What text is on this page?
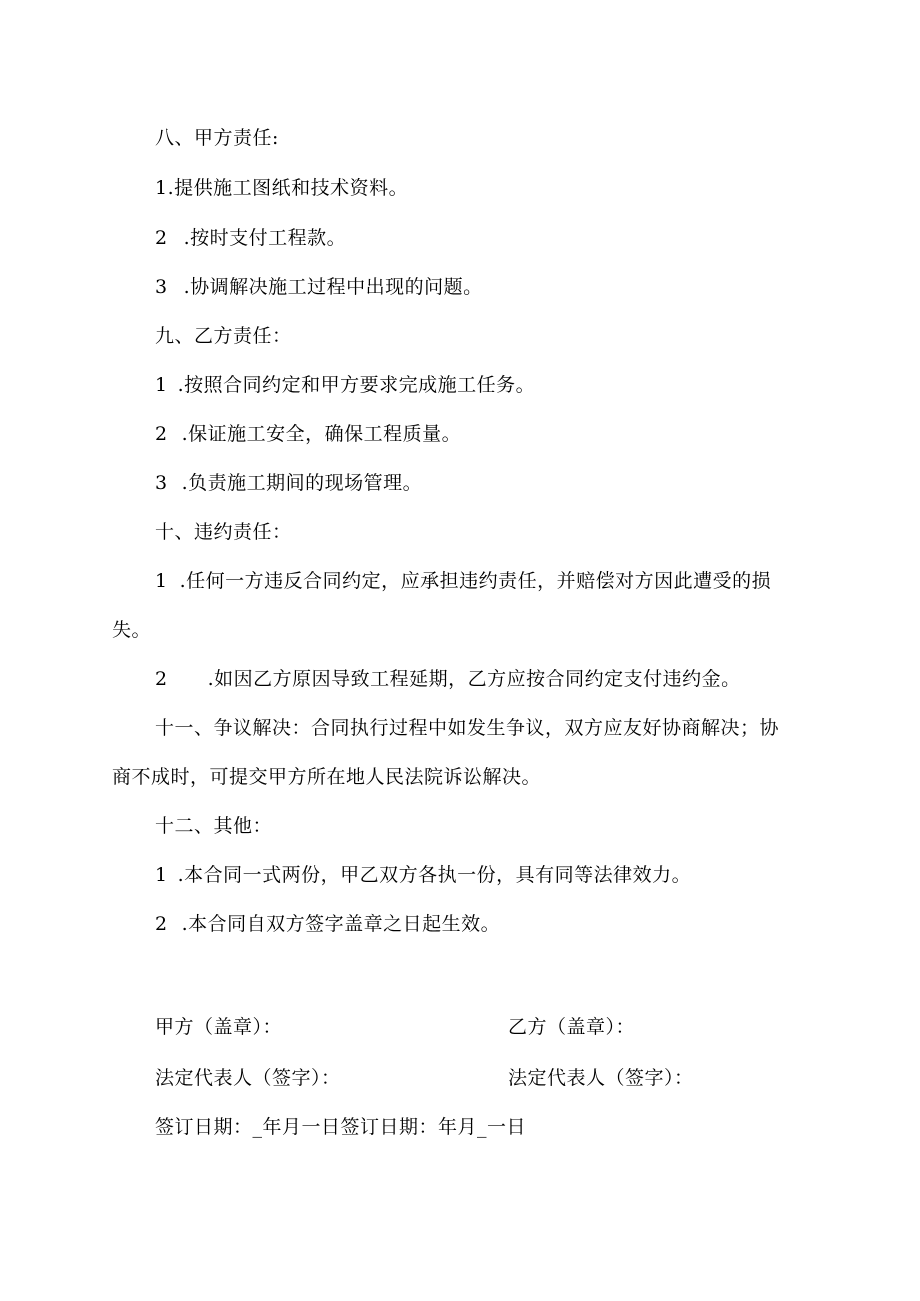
八、甲方责任:
1.提供施工图纸和技术资料。
2 .按时支付工程款。
3 .协调解决施工过程中出现的问题。
九、乙方责任：
1 .按照合同约定和甲方要求完成施工任务。
2 .保证施工安全，确保工程质量。
3 .负责施工期间的现场管理。
十、违约责任：
1 .任何一方违反合同约定，应承担违约责任，并赔偿对方因此遭受的损
失。
2 .如因乙方原因导致工程延期，乙方应按合同约定支付违约金。
十一、争议解决：合同执行过程中如发生争议，双方应友好协商解决；协
商不成时，可提交甲方所在地人民法院诉讼解决。
十二、其他：
1 .本合同一式两份，甲乙双方各执一份，具有同等法律效力。
2 .本合同自双方签字盖章之日起生效。
甲方（盖章）：	乙方（盖章）：
法定代表人（签字）：	法定代表人（签字）：
签订日期：_年月一日签订日期：年月_一日
